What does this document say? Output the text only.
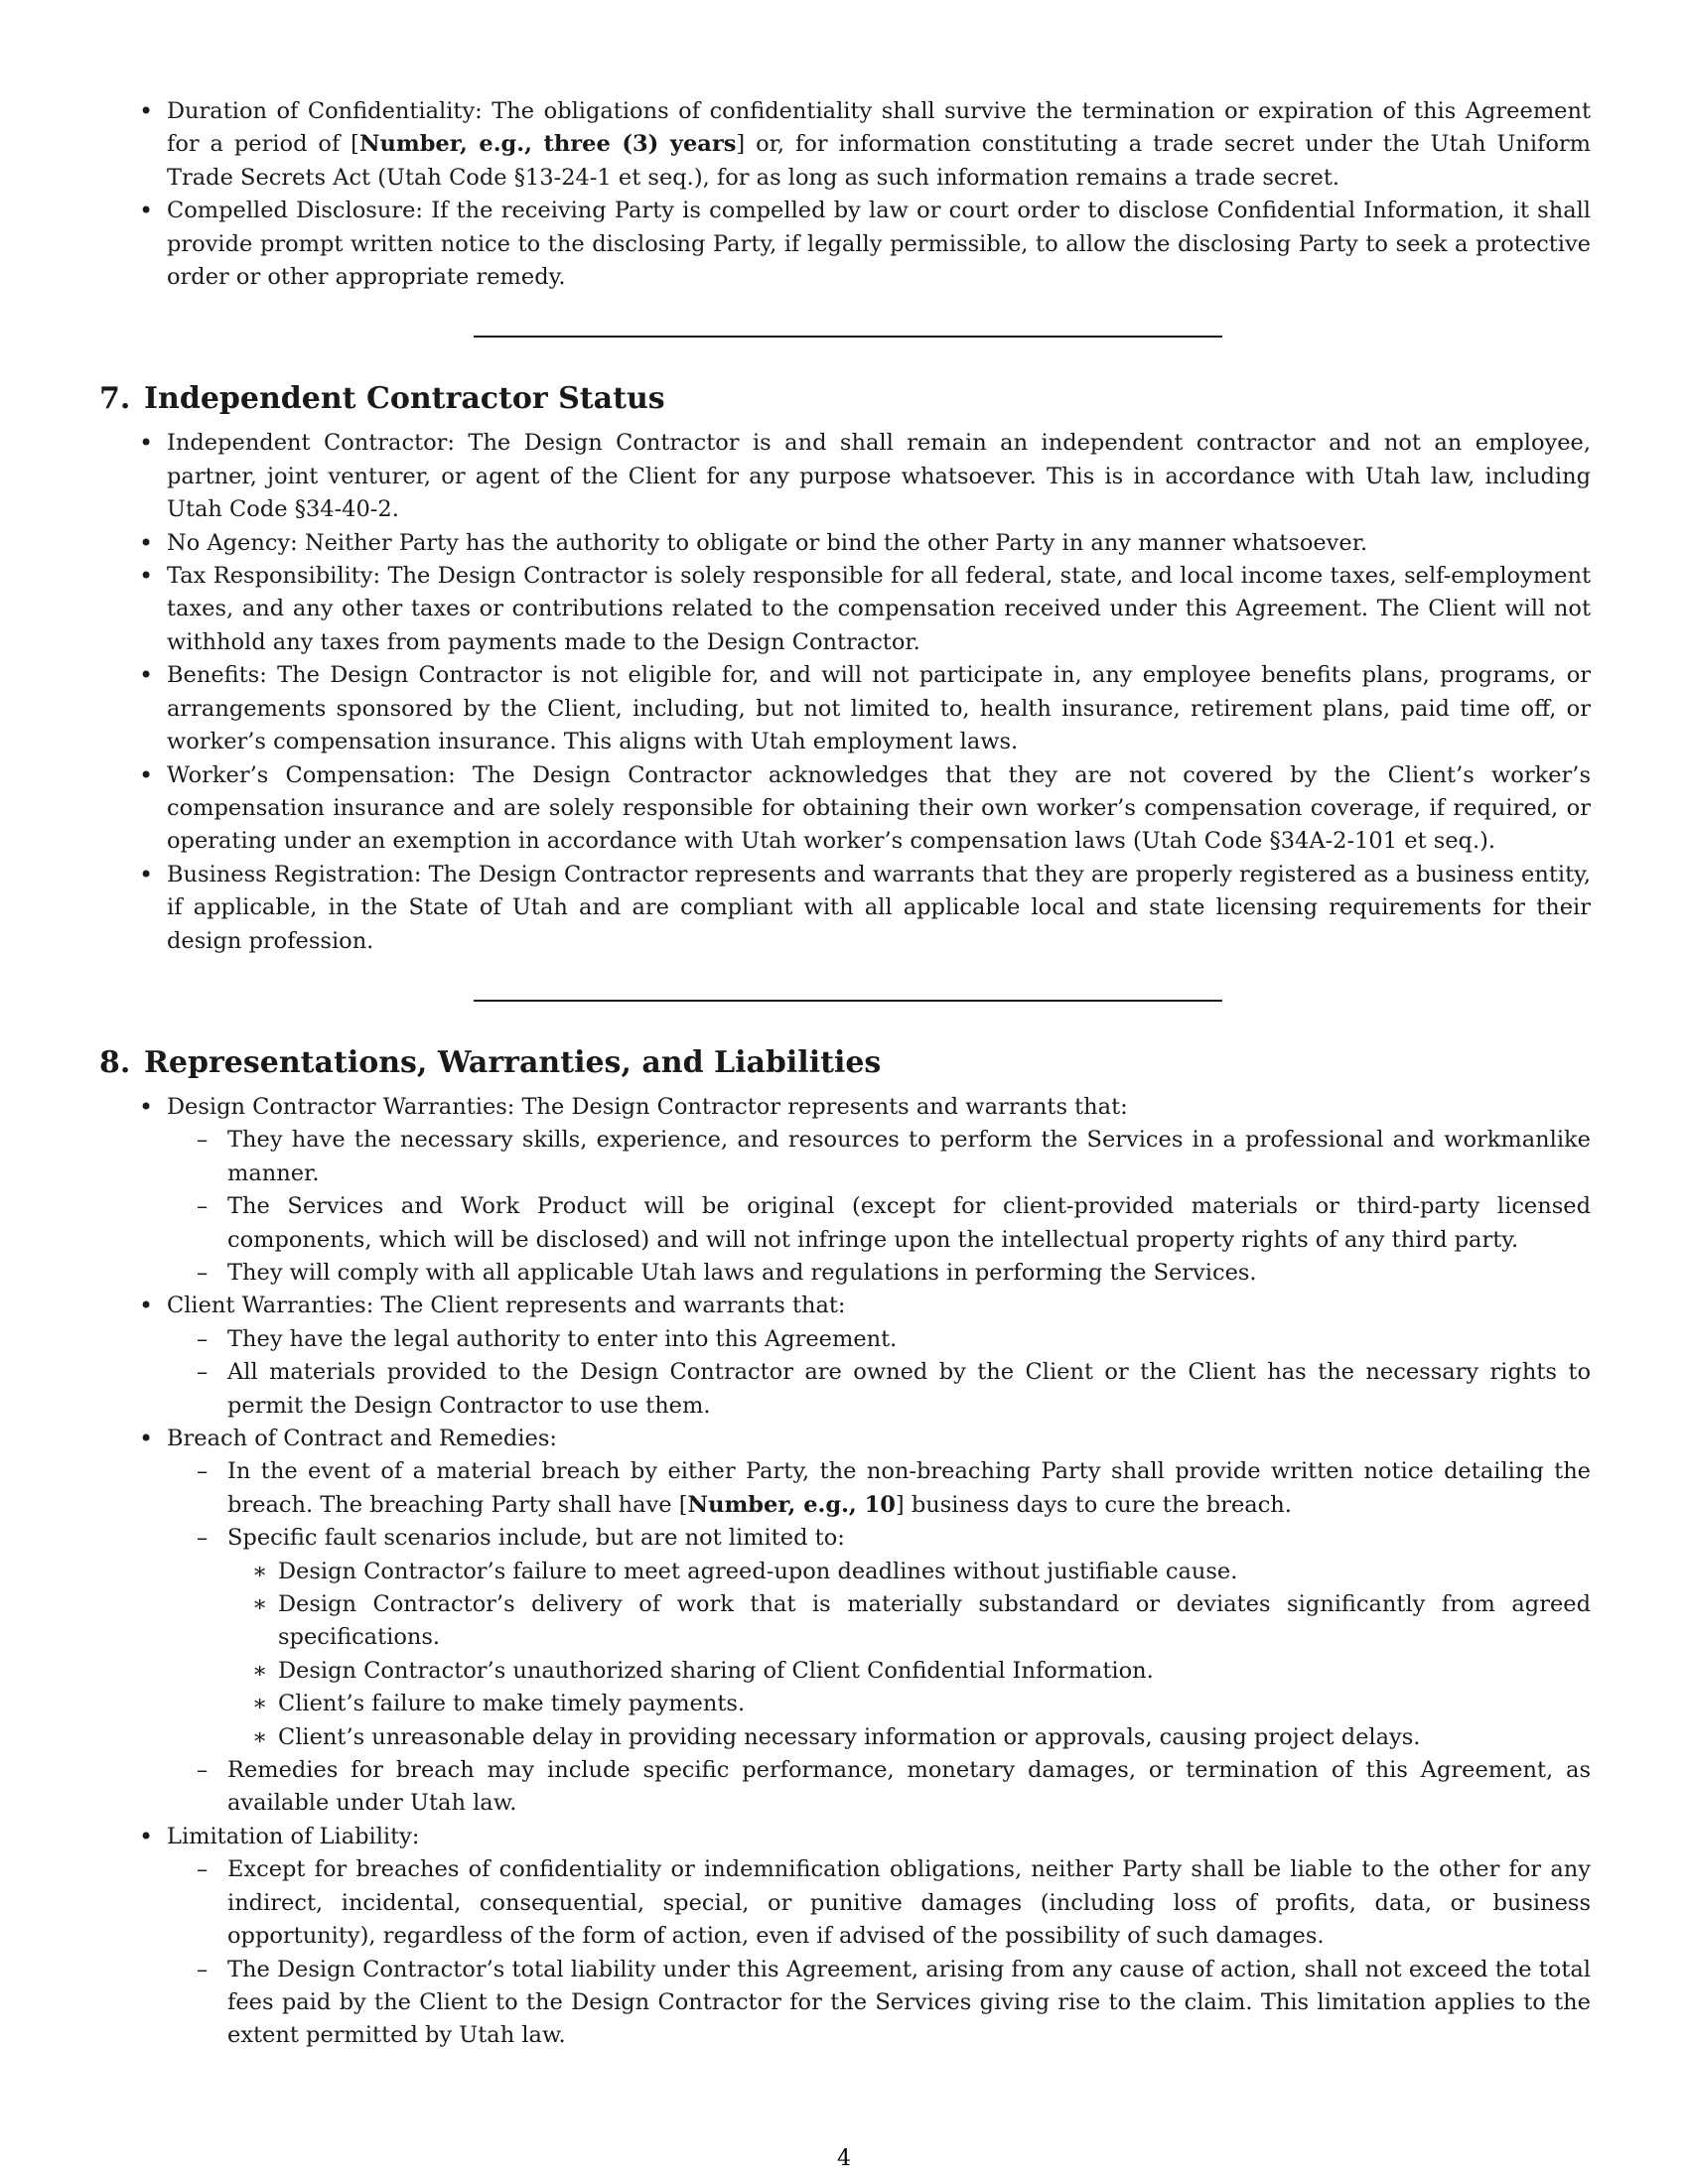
• Duration of Confidentiality: The obligations of confidentiality shall survive the termination or expiration of this Agreement for a period of [Number, e.g., three (3) years] or, for information constituting a trade secret under the Utah Uniform Trade Secrets Act (Utah Code §13-24-1 et seq.), for as long as such information remains a trade secret.
• Compelled Disclosure: If the receiving Party is compelled by law or court order to disclose Confidential Information, it shall provide prompt written notice to the disclosing Party, if legally permissible, to allow the disclosing Party to seek a protective order or other appropriate remedy.
7. Independent Contractor Status
• Independent Contractor: The Design Contractor is and shall remain an independent contractor and not an employee, partner, joint venturer, or agent of the Client for any purpose whatsoever. This is in accordance with Utah law, including Utah Code §34-40-2.
• No Agency: Neither Party has the authority to obligate or bind the other Party in any manner whatsoever.
• Tax Responsibility: The Design Contractor is solely responsible for all federal, state, and local income taxes, self-employment taxes, and any other taxes or contributions related to the compensation received under this Agreement. The Client will not withhold any taxes from payments made to the Design Contractor.
• Benefits: The Design Contractor is not eligible for, and will not participate in, any employee benefits plans, programs, or arrangements sponsored by the Client, including, but not limited to, health insurance, retirement plans, paid time off, or worker’s compensation insurance. This aligns with Utah employment laws.
• Worker’s Compensation: The Design Contractor acknowledges that they are not covered by the Client’s worker’s compensation insurance and are solely responsible for obtaining their own worker’s compensation coverage, if required, or operating under an exemption in accordance with Utah worker’s compensation laws (Utah Code §34A-2-101 et seq.).
• Business Registration: The Design Contractor represents and warrants that they are properly registered as a business entity, if applicable, in the State of Utah and are compliant with all applicable local and state licensing requirements for their design profession.
8. Representations, Warranties, and Liabilities
• Design Contractor Warranties: The Design Contractor represents and warrants that:
– They have the necessary skills, experience, and resources to perform the Services in a professional and workmanlike manner.
– The Services and Work Product will be original (except for client-provided materials or third-party licensed components, which will be disclosed) and will not infringe upon the intellectual property rights of any third party.
– They will comply with all applicable Utah laws and regulations in performing the Services.
• Client Warranties: The Client represents and warrants that:
– They have the legal authority to enter into this Agreement.
– All materials provided to the Design Contractor are owned by the Client or the Client has the necessary rights to permit the Design Contractor to use them.
• Breach of Contract and Remedies:
– In the event of a material breach by either Party, the non-breaching Party shall provide written notice detailing the breach. The breaching Party shall have [Number, e.g., 10] business days to cure the breach.
– Specific fault scenarios include, but are not limited to:
∗ Design Contractor’s failure to meet agreed-upon deadlines without justifiable cause.
∗ Design Contractor’s delivery of work that is materially substandard or deviates significantly from agreed specifications.
∗ Design Contractor’s unauthorized sharing of Client Confidential Information.
∗ Client’s failure to make timely payments.
∗ Client’s unreasonable delay in providing necessary information or approvals, causing project delays.
– Remedies for breach may include specific performance, monetary damages, or termination of this Agreement, as available under Utah law.
• Limitation of Liability:
– Except for breaches of confidentiality or indemnification obligations, neither Party shall be liable to the other for any indirect, incidental, consequential, special, or punitive damages (including loss of profits, data, or business opportunity), regardless of the form of action, even if advised of the possibility of such damages.
– The Design Contractor’s total liability under this Agreement, arising from any cause of action, shall not exceed the total fees paid by the Client to the Design Contractor for the Services giving rise to the claim. This limitation applies to the extent permitted by Utah law.
4
